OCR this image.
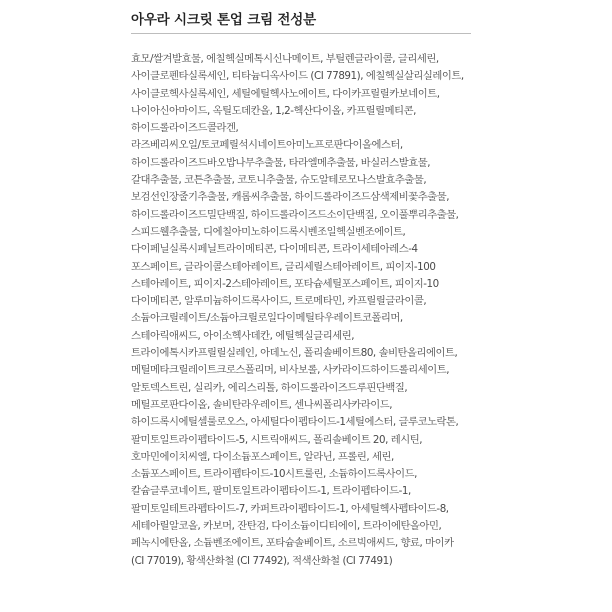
아우라 시크릿 톤업 크림 전성분
효모/쌀겨발효물, 에칠헥실메톡시신나메이트, 부틸렌글라이콜, 글리세린,
사이클로펜타실록세인, 티타늄디옥사이드 (CI 77891), 에칠헥실살리실레이트,
사이클로헥사실록세인, 세틸에틸헥사노에이트, 다이카프릴릴카보네이트,
나이아신아마이드, 옥틸도데칸올, 1,2-헥산다이올, 카프릴릴메티콘,
하이드롤라이즈드콜라겐,
라즈베리씨오일/토코페릴석시네이트아미노프로판다이올에스터,
하이드롤라이즈드바오밥나무추출물, 타라엘메추출물, 바실러스발효물,
갈대추출물, 코튼추출물, 코토니추출물, 슈도알테로모나스발효추출물,
보검선인장줄기추출물, 캐롭씨추출물, 하이드롤라이즈드삼색제비꽃추출물,
하이드롤라이즈드밀단백질, 하이드롤라이즈드소이단백질, 오이풀뿌리추출물,
스피드웰추출물, 디에칠아미노하이드록시벤조일헥실벤조에이트,
다이페닐실록시페닐트라이메티콘, 다이메티콘, 트라이세테아레스-4
포스페이트, 글라이콜스테아레이트, 글리세릴스테아레이트, 피이지-100
스테아레이트, 피이지-2스테아레이트, 포타슘세틸포스페이트, 피이지-10
다이메티콘, 알루미늄하이드록사이드, 트로메타민, 카프릴릴글라이콜,
소듐아크릴레이트/소듐아크릴로일다이메틸타우레이트코폴리머,
스테아릭애씨드, 아이소헥사데칸, 에틸헥실글리세린,
트라이에톡시카프릴릴실레인, 아데노신, 폴리솔베이트80, 솔비탄올리에이트,
메틸메타크릴레이트크로스폴리머, 비사보롤, 사카라이드하이드롤리세이트,
알토덱스트린, 실리카, 에리스리톨, 하이드롤라이즈드루핀단백질,
메틸프로판다이올, 솔비탄라우레이트, 센나씨폴리사카라이드,
하이드록시에틸셀룰로오스, 아세틸다이펩타이드-1세틸에스터, 글루코노락톤,
팔미토일트라이펩타이드-5, 시트릭애씨드, 폴리솔베이트 20, 레시틴,
호마민에이치씨엘, 다이소듐포스페이트, 알라닌, 프롤린, 세린,
소듐포스페이트, 트라이펩타이드-10시트룰린, 소듐하이드록사이드,
칼슘글루코네이트, 팔미토일트라이펩타이드-1, 트라이펩타이드-1,
팔미토일테트라펩타이드-7, 카퍼트라이펩타이드-1, 아세틸헥사펩타이드-8,
세테아릴알코올, 카보머, 잔탄검, 다이소듐이디티에이, 트라이에탄올아민,
페녹시에탄올, 소듐벤조에이트, 포타슘솔베이트, 소르빅애씨드, 향료, 마이카
(CI 77019), 황색산화철 (CI 77492), 적색산화철 (CI 77491)
